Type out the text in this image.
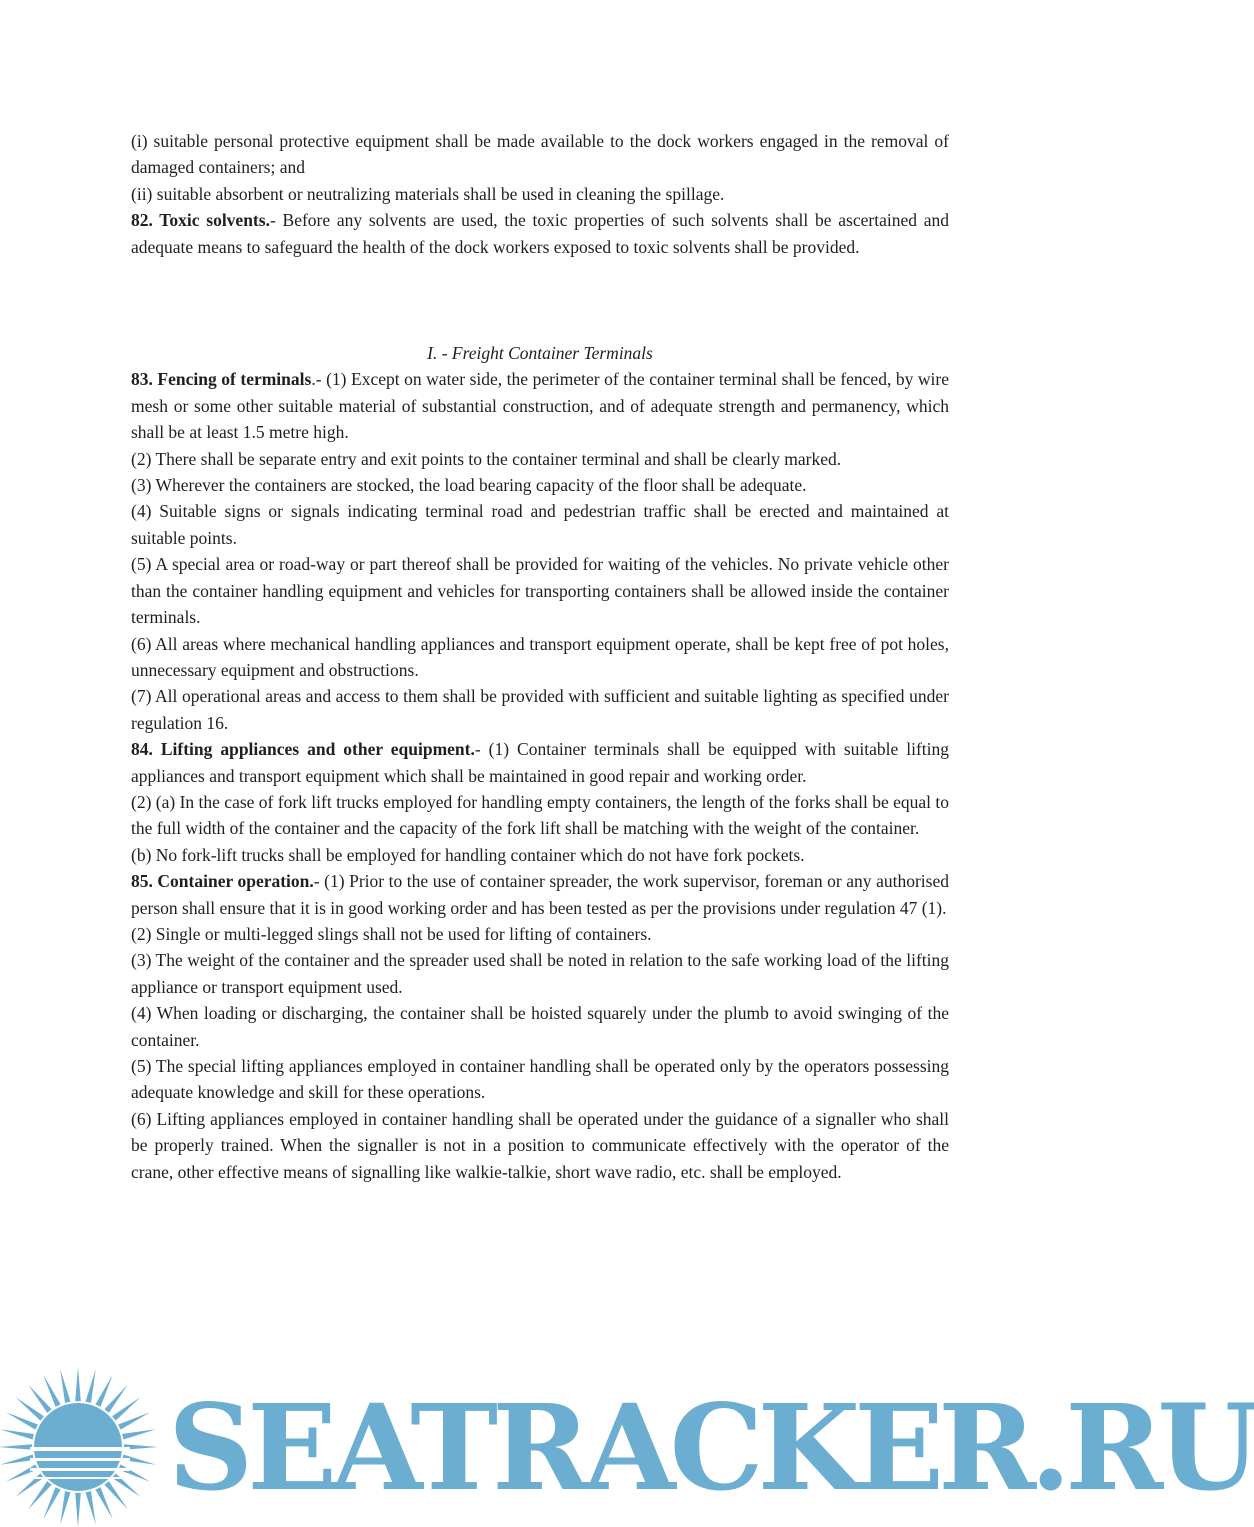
(i) suitable personal protective equipment shall be made available to the dock workers engaged in the removal of damaged containers; and

(ii) suitable absorbent or neutralizing materials shall be used in cleaning the spillage.

82. Toxic solvents.- Before any solvents are used, the toxic properties of such solvents shall be ascertained and adequate means to safeguard the health of the dock workers exposed to toxic solvents shall be provided.

I. - Freight Container Terminals

83. Fencing of terminals.- (1) Except on water side, the perimeter of the container terminal shall be fenced, by wire mesh or some other suitable material of substantial construction, and of adequate strength and permanency, which shall be at least 1.5 metre high.

(2) There shall be separate entry and exit points to the container terminal and shall be clearly marked.

(3) Wherever the containers are stocked, the load bearing capacity of the floor shall be adequate.

(4) Suitable signs or signals indicating terminal road and pedestrian traffic shall be erected and maintained at suitable points.

(5) A special area or road-way or part thereof shall be provided for waiting of the vehicles. No private vehicle other than the container handling equipment and vehicles for transporting containers shall be allowed inside the container terminals.

(6) All areas where mechanical handling appliances and transport equipment operate, shall be kept free of pot holes, unnecessary equipment and obstructions.

(7) All operational areas and access to them shall be provided with sufficient and suitable lighting as specified under regulation 16.

84. Lifting appliances and other equipment.- (1) Container terminals shall be equipped with suitable lifting appliances and transport equipment which shall be maintained in good repair and working order.

(2) (a) In the case of fork lift trucks employed for handling empty containers, the length of the forks shall be equal to the full width of the container and the capacity of the fork lift shall be matching with the weight of the container.

(b) No fork-lift trucks shall be employed for handling container which do not have fork pockets.

85. Container operation.- (1) Prior to the use of container spreader, the work supervisor, foreman or any authorised person shall ensure that it is in good working order and has been tested as per the provisions under regulation 47 (1).

(2) Single or multi-legged slings shall not be used for lifting of containers.

(3) The weight of the container and the spreader used shall be noted in relation to the safe working load of the lifting appliance or transport equipment used.

(4) When loading or discharging, the container shall be hoisted squarely under the plumb to avoid swinging of the container.

(5) The special lifting appliances employed in container handling shall be operated only by the operators possessing adequate knowledge and skill for these operations.

(6) Lifting appliances employed in container handling shall be operated under the guidance of a signaller who shall be properly trained. When the signaller is not in a position to communicate effectively with the operator of the crane, other effective means of signalling like walkie-talkie, short wave radio, etc. shall be employed.

SEATRACKER.RU
